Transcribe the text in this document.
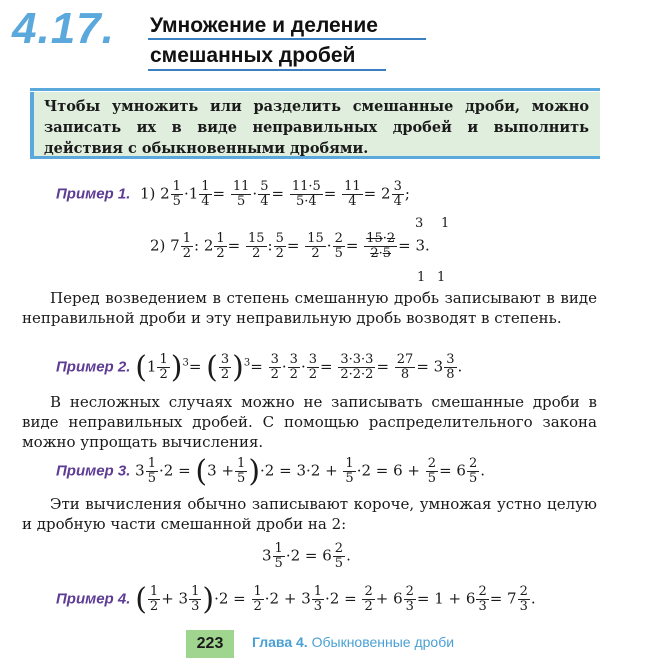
4.17. Умножение и деление
смешанных дробей
Чтобы умножить или разделить смешанные дроби, можно записать их в виде неправильных дробей и выполнить действия с обыкновенными дробями.
Пример 1.  1) $2 \frac{1}{5} \cdot 1 \frac{1}{4} = \frac{11}{5} \cdot \frac{5}{4} = \frac{11\cdot 5}{5\cdot 4} = \frac{11}{4} = 2 \frac{3}{4}$ ;
3 1
2) $7 \frac{1}{2}$ : $2 \frac{1}{2} = \frac{15}{2}$ : $\frac{5}{2} = \frac{15}{2} \cdot \frac{2}{5} = \frac{15\cdot 2}{2\cdot 5} = 3$.
1 1
Перед возведением в степень смешанную дробь записывают в виде неправильной дроби и эту неправильную дробь возводят в степень.
Пример 2. $(1 \frac{1}{2} )^3=$ ( $\frac{3}{2} )^3= \frac{3}{2} \cdot \frac{3}{2} \cdot \frac{3}{2} = \frac{3\cdot 3\cdot 3}{2\cdot 2\cdot 2} = \frac{27}{8} = 3 \frac{3}{8}$ .
В несложных случаях можно не записывать смешанные дроби в виде неправильных дробей. С помощью распределительного закона можно упрощать вычисления.
Пример 3. $3 \frac{1}{5} \cdot 2 = (3 + \frac{1}{5} )\cdot 2 = 3\cdot 2 + \frac{1}{5} \cdot 2 = 6 + \frac{2}{5} = 6 \frac{2}{5}$ .
Эти вычисления обычно записывают короче, умножая устно целую и дробную части смешанной дроби на 2:
$3 \frac{1}{5} \cdot 2 = 6 \frac{2}{5}$ .
Пример 4. ( $\frac{1}{2} + 3 \frac{1}{3} )\cdot 2 = \frac{1}{2} \cdot 2 + 3 \frac{1}{3} \cdot 2 = \frac{2}{2} + 6 \frac{2}{3} = 1 + 6 \frac{2}{3} = 7 \frac{2}{3}$ .
223	Глава 4. Обыкновенные дроби
